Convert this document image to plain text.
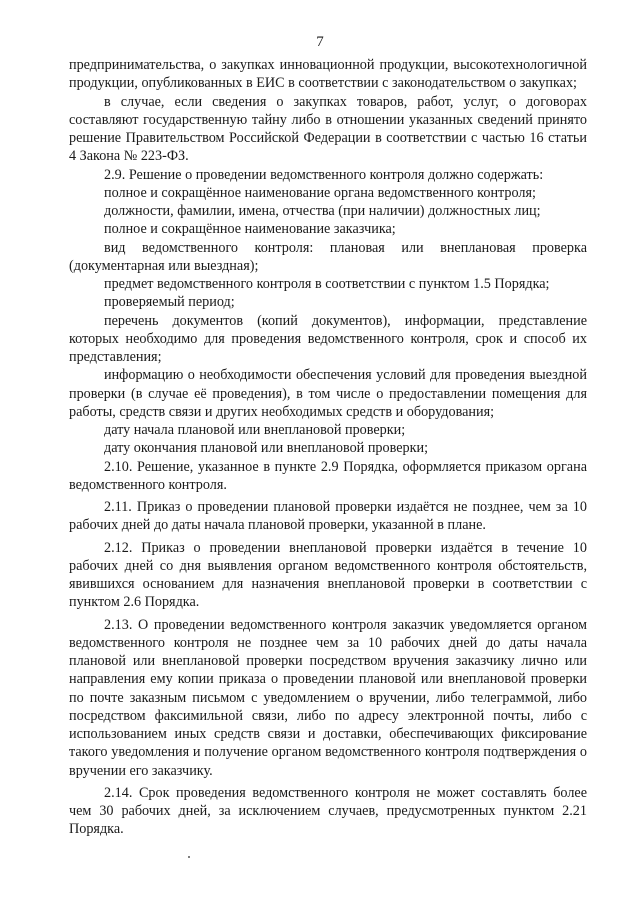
7

предпринимательства, о закупках инновационной продукции, высокотехнологичной продукции, опубликованных в ЕИС в соответствии с законодательством о закупках;

в случае, если сведения о закупках товаров, работ, услуг, о договорах составляют государственную тайну либо в отношении указанных сведений принято решение Правительством Российской Федерации в соответствии с частью 16 статьи 4 Закона № 223-ФЗ.

2.9. Решение о проведении ведомственного контроля должно содержать:

полное и сокращённое наименование органа ведомственного контроля;

должности, фамилии, имена, отчества (при наличии) должностных лиц;

полное и сокращённое наименование заказчика;

вид ведомственного контроля: плановая или внеплановая проверка (документарная или выездная);

предмет ведомственного контроля в соответствии с пунктом 1.5 Порядка;

проверяемый период;

перечень документов (копий документов), информации, представление которых необходимо для проведения ведомственного контроля, срок и способ их представления;

информацию о необходимости обеспечения условий для проведения выездной проверки (в случае её проведения), в том числе о предоставлении помещения для работы, средств связи и других необходимых средств и оборудования;

дату начала плановой или внеплановой проверки;

дату окончания плановой или внеплановой проверки;

2.10. Решение, указанное в пункте 2.9 Порядка, оформляется приказом органа ведомственного контроля.

2.11. Приказ о проведении плановой проверки издаётся не позднее, чем за 10 рабочих дней до даты начала плановой проверки, указанной в плане.

2.12. Приказ о проведении внеплановой проверки издаётся в течение 10 рабочих дней со дня выявления органом ведомственного контроля обстоятельств, явившихся основанием для назначения внеплановой проверки в соответствии с пунктом 2.6 Порядка.

2.13. О проведении ведомственного контроля заказчик уведомляется органом ведомственного контроля не позднее чем за 10 рабочих дней до даты начала плановой или внеплановой проверки посредством вручения заказчику лично или направления ему копии приказа о проведении плановой или внеплановой проверки по почте заказным письмом с уведомлением о вручении, либо телеграммой, либо посредством факсимильной связи, либо по адресу электронной почты, либо с использованием иных средств связи и доставки, обеспечивающих фиксирование такого уведомления и получение органом ведомственного контроля подтверждения о вручении его заказчику.

2.14. Срок проведения ведомственного контроля не может составлять более чем 30 рабочих дней, за исключением случаев, предусмотренных пунктом 2.21 Порядка.
